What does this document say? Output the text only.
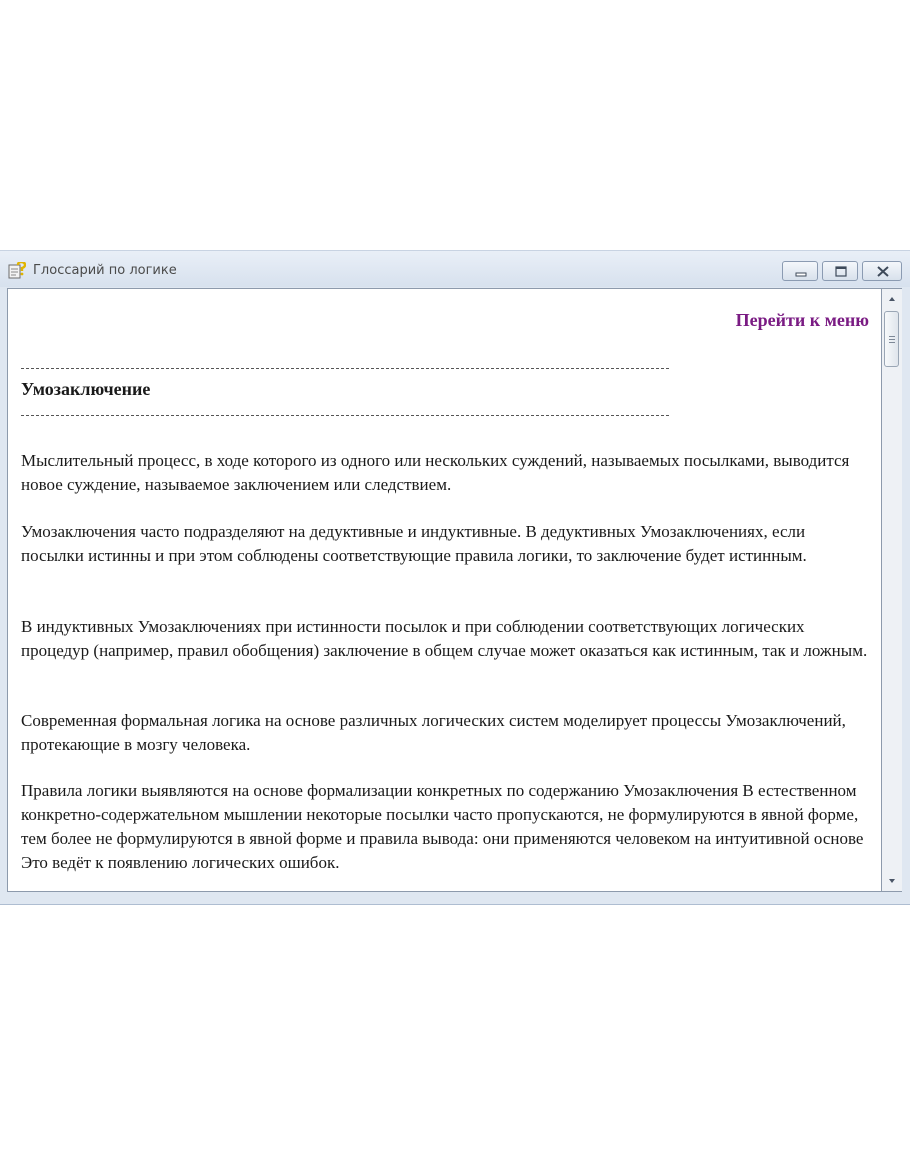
Глоссарий по логике
Перейти к меню
Умозаключение

Мыслительный процесс, в ходе которого из одного или нескольких суждений, называемых посылками, выводится новое суждение, называемое заключением или следствием.

Умозаключения часто подразделяют на дедуктивные и индуктивные. В дедуктивных Умозаключениях, если посылки истинны и при этом соблюдены соответствующие правила логики, то заключение будет истинным.

В индуктивных Умозаключениях при истинности посылок и при соблюдении соответствующих логических процедур (например, правил обобщения) заключение в общем случае может оказаться как истинным, так и ложным.

Современная формальная логика на основе различных логических систем моделирует процессы Умозаключений, протекающие в мозгу человека.

Правила логики выявляются на основе формализации конкретных по содержанию Умозаключения В естественном конкретно-содержательном мышлении некоторые посылки часто пропускаются, не формулируются в явной форме, тем более не формулируются в явной форме и правила вывода: они применяются человеком на интуитивной основе Это ведёт к появлению логических ошибок.
